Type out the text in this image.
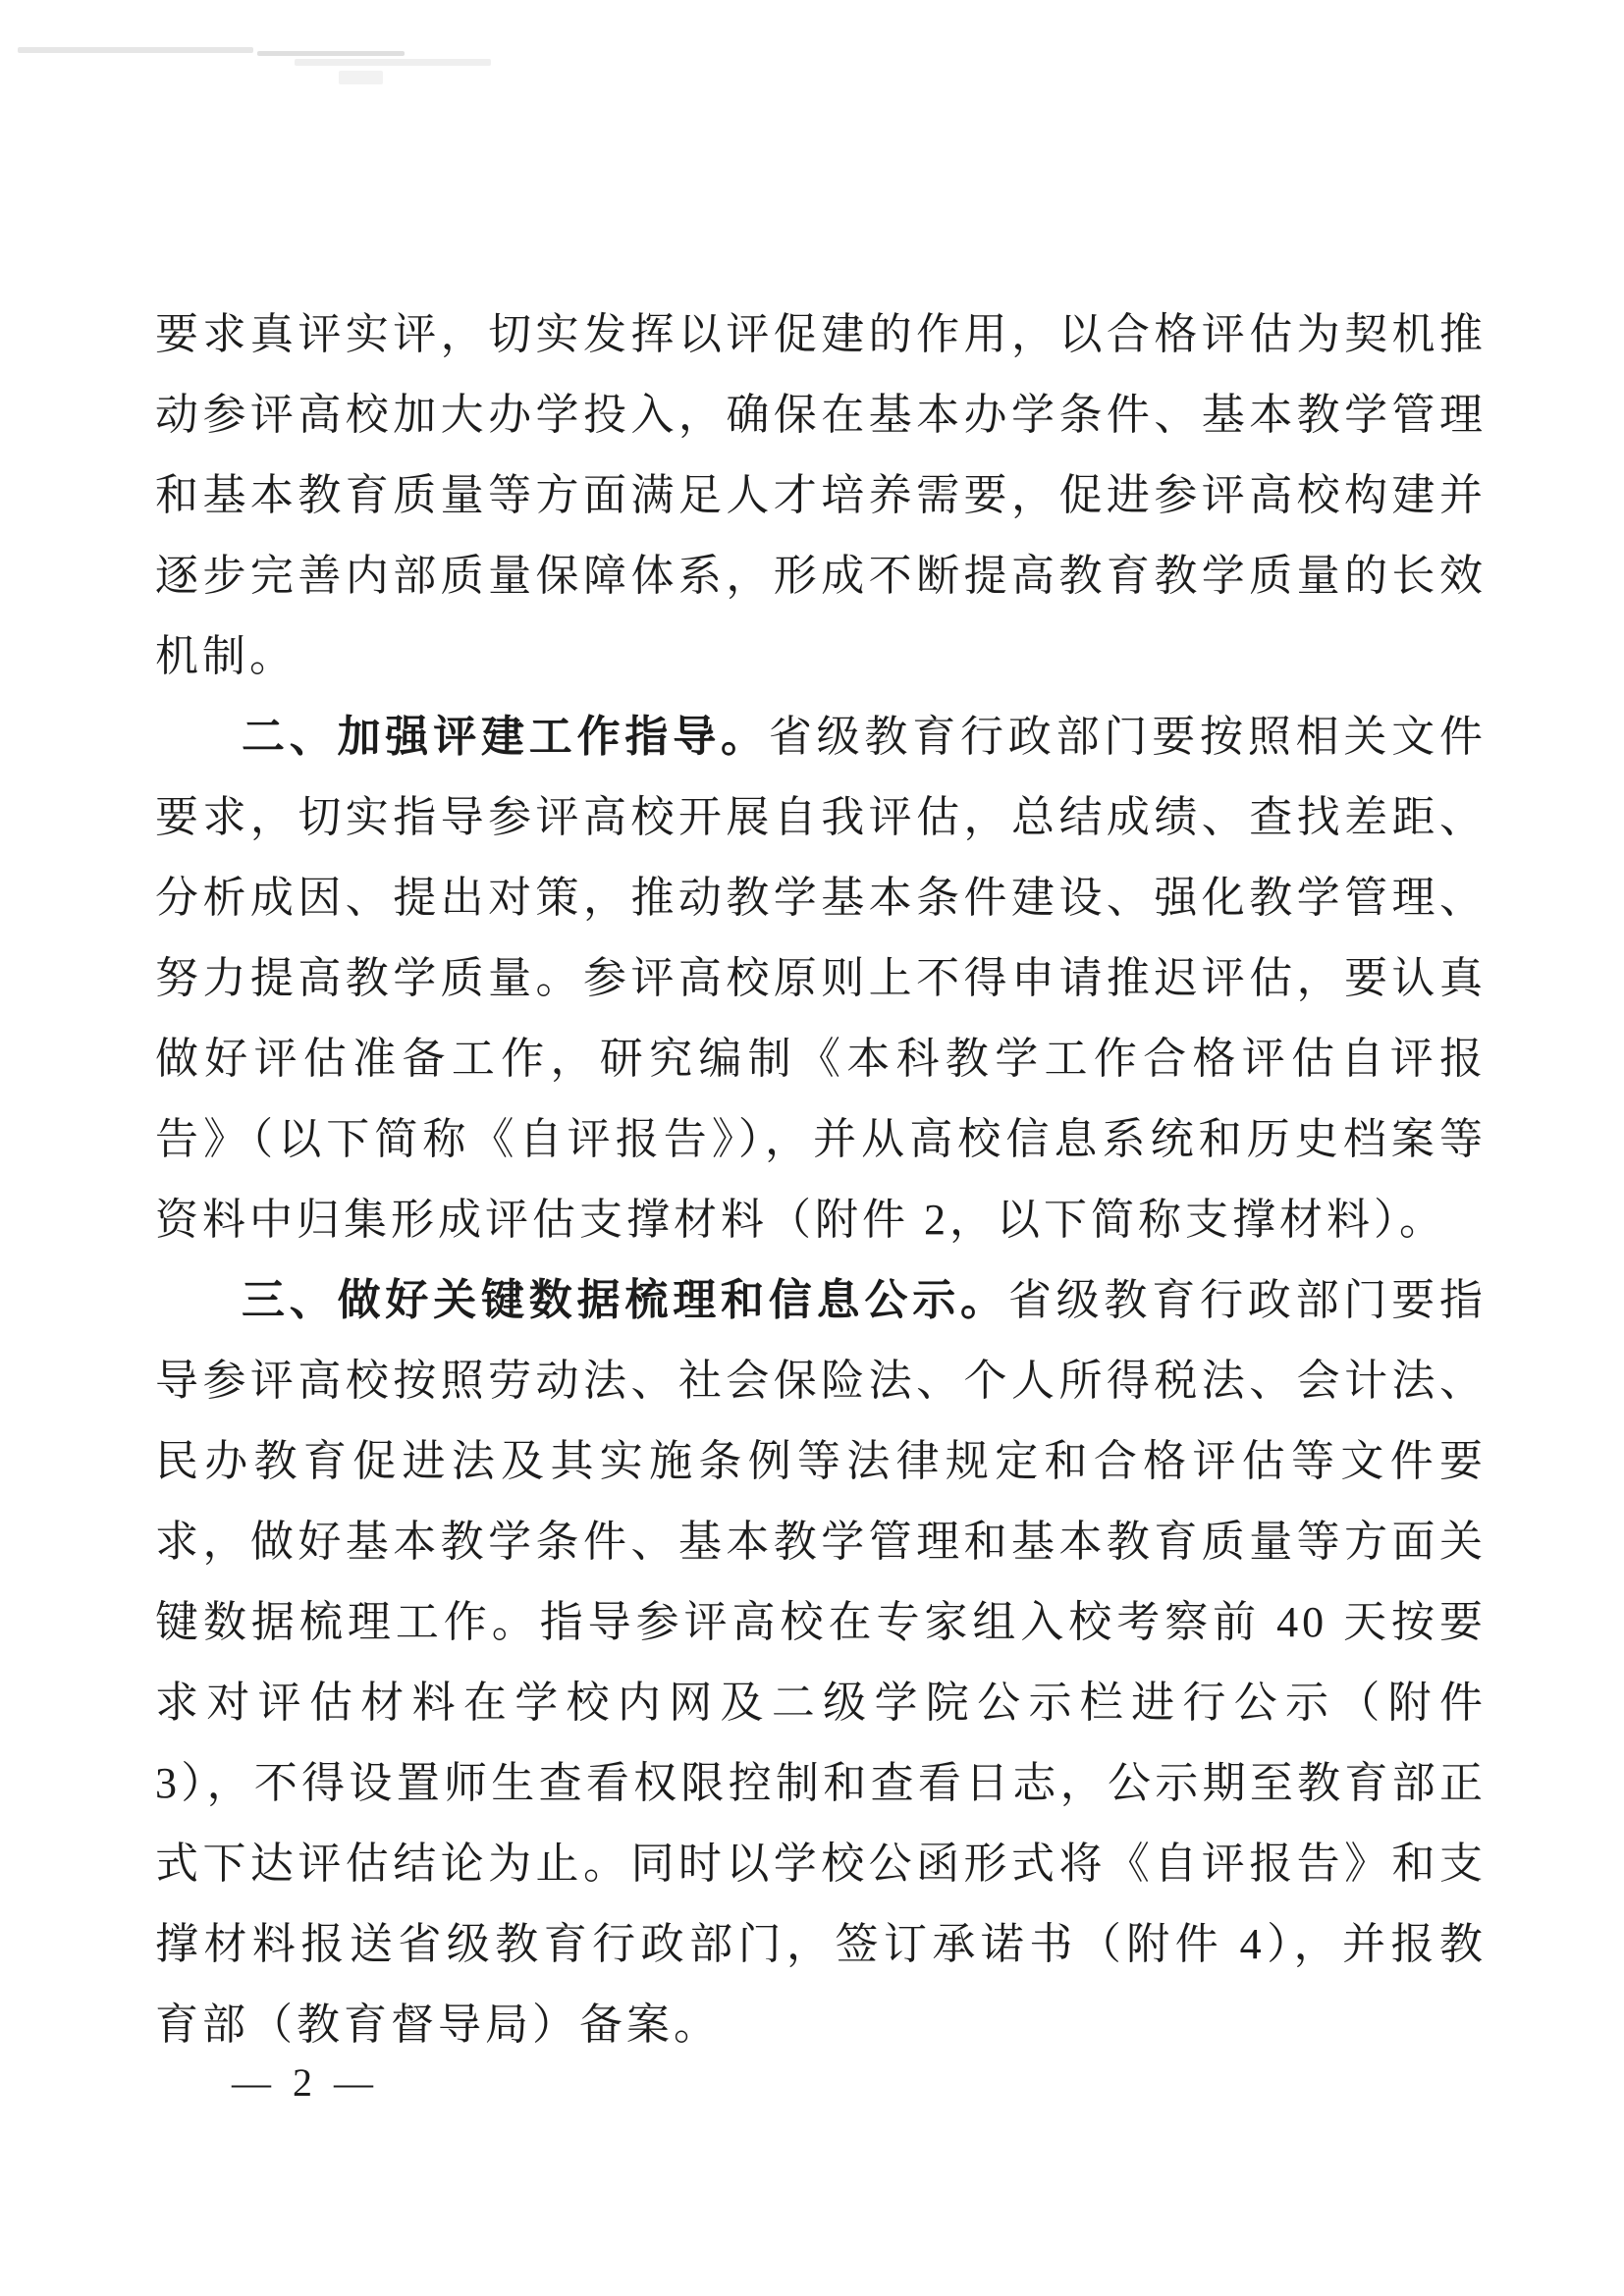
要求真评实评，切实发挥以评促建的作用，以合格评估为契机推动参评高校加大办学投入，确保在基本办学条件、基本教学管理和基本教育质量等方面满足人才培养需要，促进参评高校构建并逐步完善内部质量保障体系，形成不断提高教育教学质量的长效机制。

二、加强评建工作指导。省级教育行政部门要按照相关文件要求，切实指导参评高校开展自我评估，总结成绩、查找差距、分析成因、提出对策，推动教学基本条件建设、强化教学管理、努力提高教学质量。参评高校原则上不得申请推迟评估，要认真做好评估准备工作，研究编制《本科教学工作合格评估自评报告》（以下简称《自评报告》），并从高校信息系统和历史档案等资料中归集形成评估支撑材料（附件 2，以下简称支撑材料）。

三、做好关键数据梳理和信息公示。省级教育行政部门要指导参评高校按照劳动法、社会保险法、个人所得税法、会计法、民办教育促进法及其实施条例等法律规定和合格评估等文件要求，做好基本教学条件、基本教学管理和基本教育质量等方面关键数据梳理工作。指导参评高校在专家组入校考察前 40 天按要求对评估材料在学校内网及二级学院公示栏进行公示（附件 3），不得设置师生查看权限控制和查看日志，公示期至教育部正式下达评估结论为止。同时以学校公函形式将《自评报告》和支撑材料报送省级教育行政部门，签订承诺书（附件 4），并报教育部（教育督导局）备案。

— 2 —
